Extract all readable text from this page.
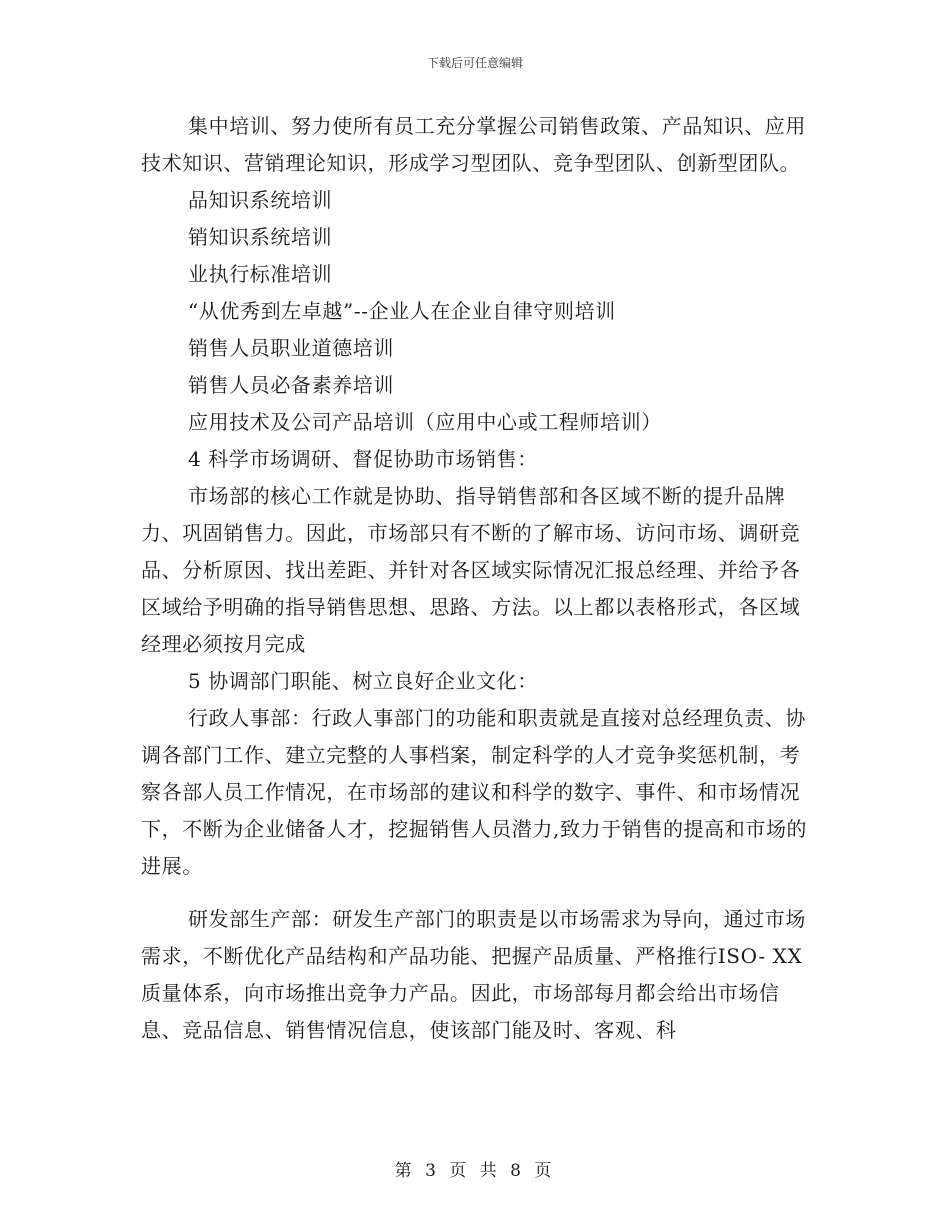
下载后可任意编辑

集中培训、努力使所有员工充分掌握公司销售政策、产品知识、应用技术知识、营销理论知识，形成学习型团队、竞争型团队、创新型团队。

品知识系统培训

销知识系统培训

业执行标准培训

“从优秀到左卓越”--企业人在企业自律守则培训

销售人员职业道德培训

销售人员必备素养培训

应用技术及公司产品培训（应用中心或工程师培训）

4 科学市场调研、督促协助市场销售：

市场部的核心工作就是协助、指导销售部和各区域不断的提升品牌力、巩固销售力。因此，市场部只有不断的了解市场、访问市场、调研竞品、分析原因、找出差距、并针对各区域实际情况汇报总经理、并给予各区域给予明确的指导销售思想、思路、方法。以上都以表格形式，各区域经理必须按月完成

5 协调部门职能、树立良好企业文化：

行政人事部：行政人事部门的功能和职责就是直接对总经理负责、协调各部门工作、建立完整的人事档案，制定科学的人才竞争奖惩机制，考察各部人员工作情况，在市场部的建议和科学的数字、事件、和市场情况下，不断为企业储备人才，挖掘销售人员潜力,致力于销售的提高和市场的进展。

研发部生产部：研发生产部门的职责是以市场需求为导向，通过市场需求，不断优化产品结构和产品功能、把握产品质量、严格推行ISO- XX质量体系，向市场推出竞争力产品。因此，市场部每月都会给出市场信息、竞品信息、销售情况信息，使该部门能及时、客观、科

第 3 页 共 8 页
